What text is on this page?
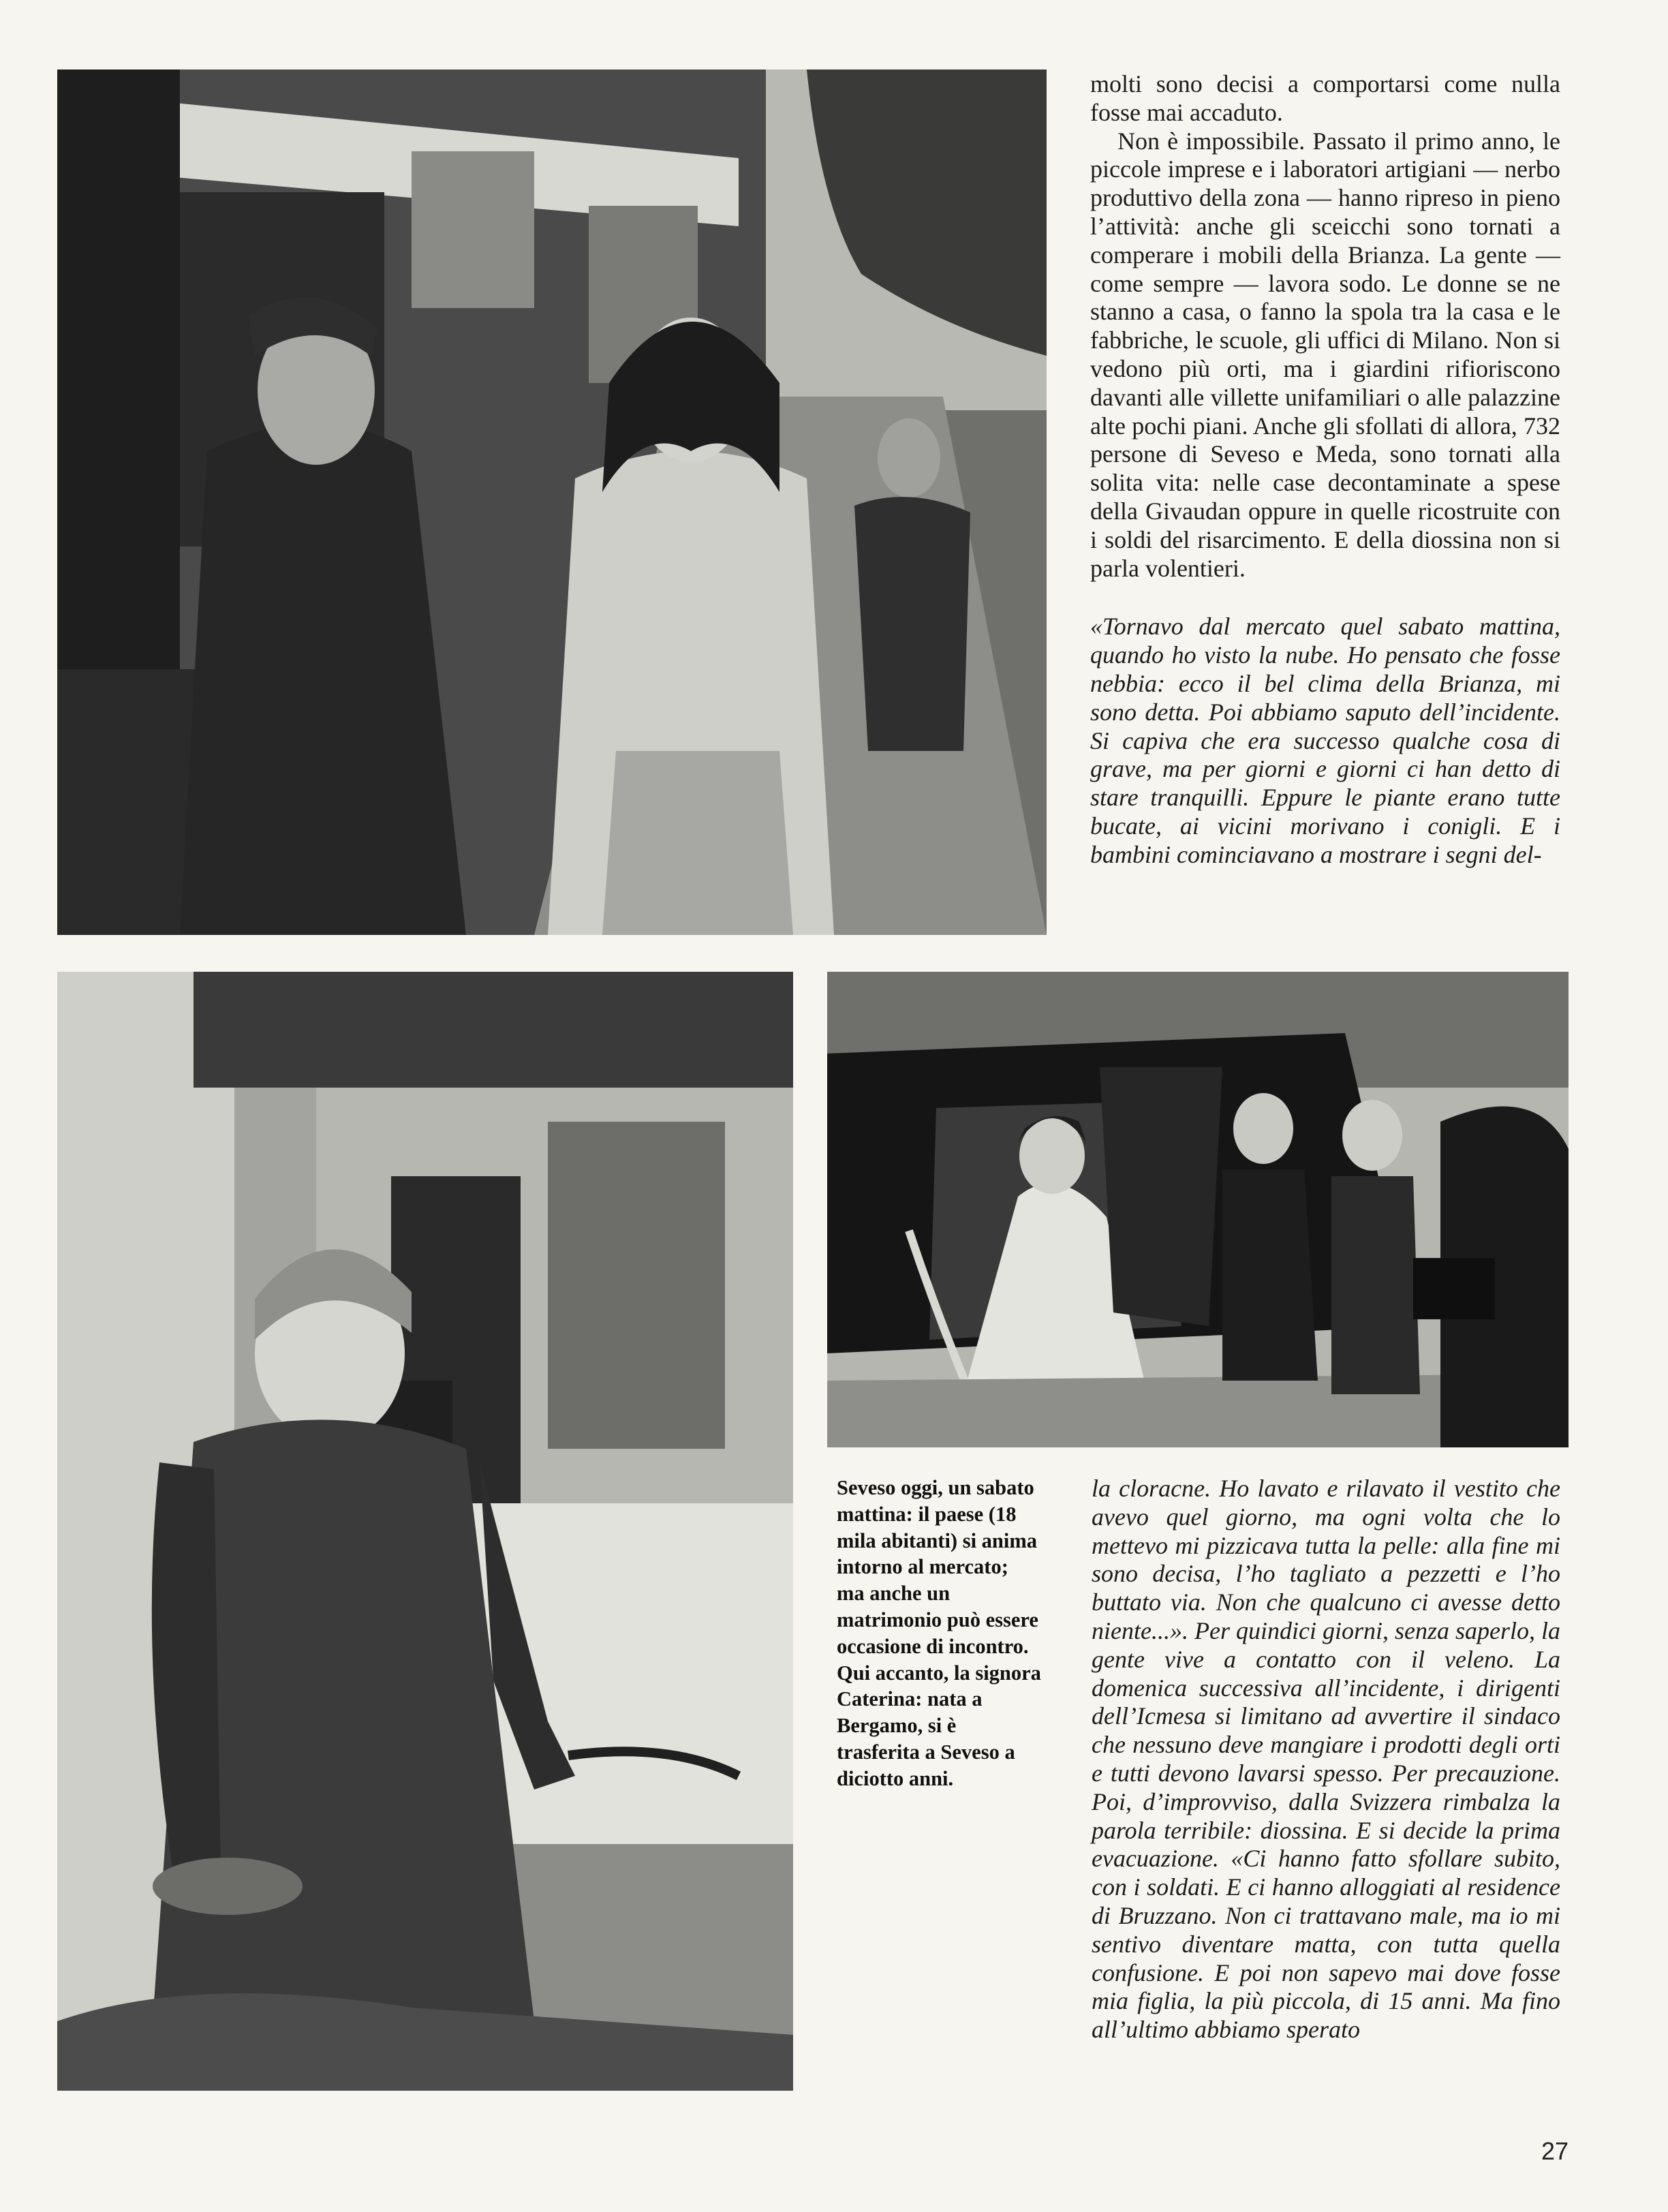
molti sono decisi a comportarsi come nulla fosse mai accaduto.

Non è impossibile. Passato il primo anno, le piccole imprese e i laboratori artigiani — nerbo produttivo della zona — hanno ripreso in pieno l’attività: anche gli sceicchi sono tornati a comperare i mobili della Brianza. La gente — come sempre — lavora sodo. Le donne se ne stanno a casa, o fanno la spola tra la casa e le fabbriche, le scuole, gli uffici di Milano. Non si vedono più orti, ma i giardini rifioriscono davanti alle villette unifamiliari o alle palazzine alte pochi piani. Anche gli sfollati di allora, 732 persone di Seveso e Meda, sono tornati alla solita vita: nelle case decontaminate a spese della Givaudan oppure in quelle ricostruite con i soldi del risarcimento. E della diossina non si parla volentieri.

«Tornavo dal mercato quel sabato mattina, quando ho visto la nube. Ho pensato che fosse nebbia: ecco il bel clima della Brianza, mi sono detta. Poi abbiamo saputo dell’incidente. Si capiva che era successo qualche cosa di grave, ma per giorni e giorni ci han detto di stare tranquilli. Eppure le piante erano tutte bucate, ai vicini morivano i conigli. E i bambini cominciavano a mostrare i segni del-

Seveso oggi, un sabato mattina: il paese (18 mila abitanti) si anima intorno al mercato; ma anche un matrimonio può essere occasione di incontro. Qui accanto, la signora Caterina: nata a Bergamo, si è trasferita a Seveso a diciotto anni.

la cloracne. Ho lavato e rilavato il vestito che avevo quel giorno, ma ogni volta che lo mettevo mi pizzicava tutta la pelle: alla fine mi sono decisa, l’ho tagliato a pezzetti e l’ho buttato via. Non che qualcuno ci avesse detto niente...». Per quindici giorni, senza saperlo, la gente vive a contatto con il veleno. La domenica successiva all’incidente, i dirigenti dell’Icmesa si limitano ad avvertire il sindaco che nessuno deve mangiare i prodotti degli orti e tutti devono lavarsi spesso. Per precauzione. Poi, d’improvviso, dalla Svizzera rimbalza la parola terribile: diossina. E si decide la prima evacuazione. «Ci hanno fatto sfollare subito, con i soldati. E ci hanno alloggiati al residence di Bruzzano. Non ci trattavano male, ma io mi sentivo diventare matta, con tutta quella confusione. E poi non sapevo mai dove fosse mia figlia, la più piccola, di 15 anni. Ma fino all’ultimo abbiamo sperato

27
